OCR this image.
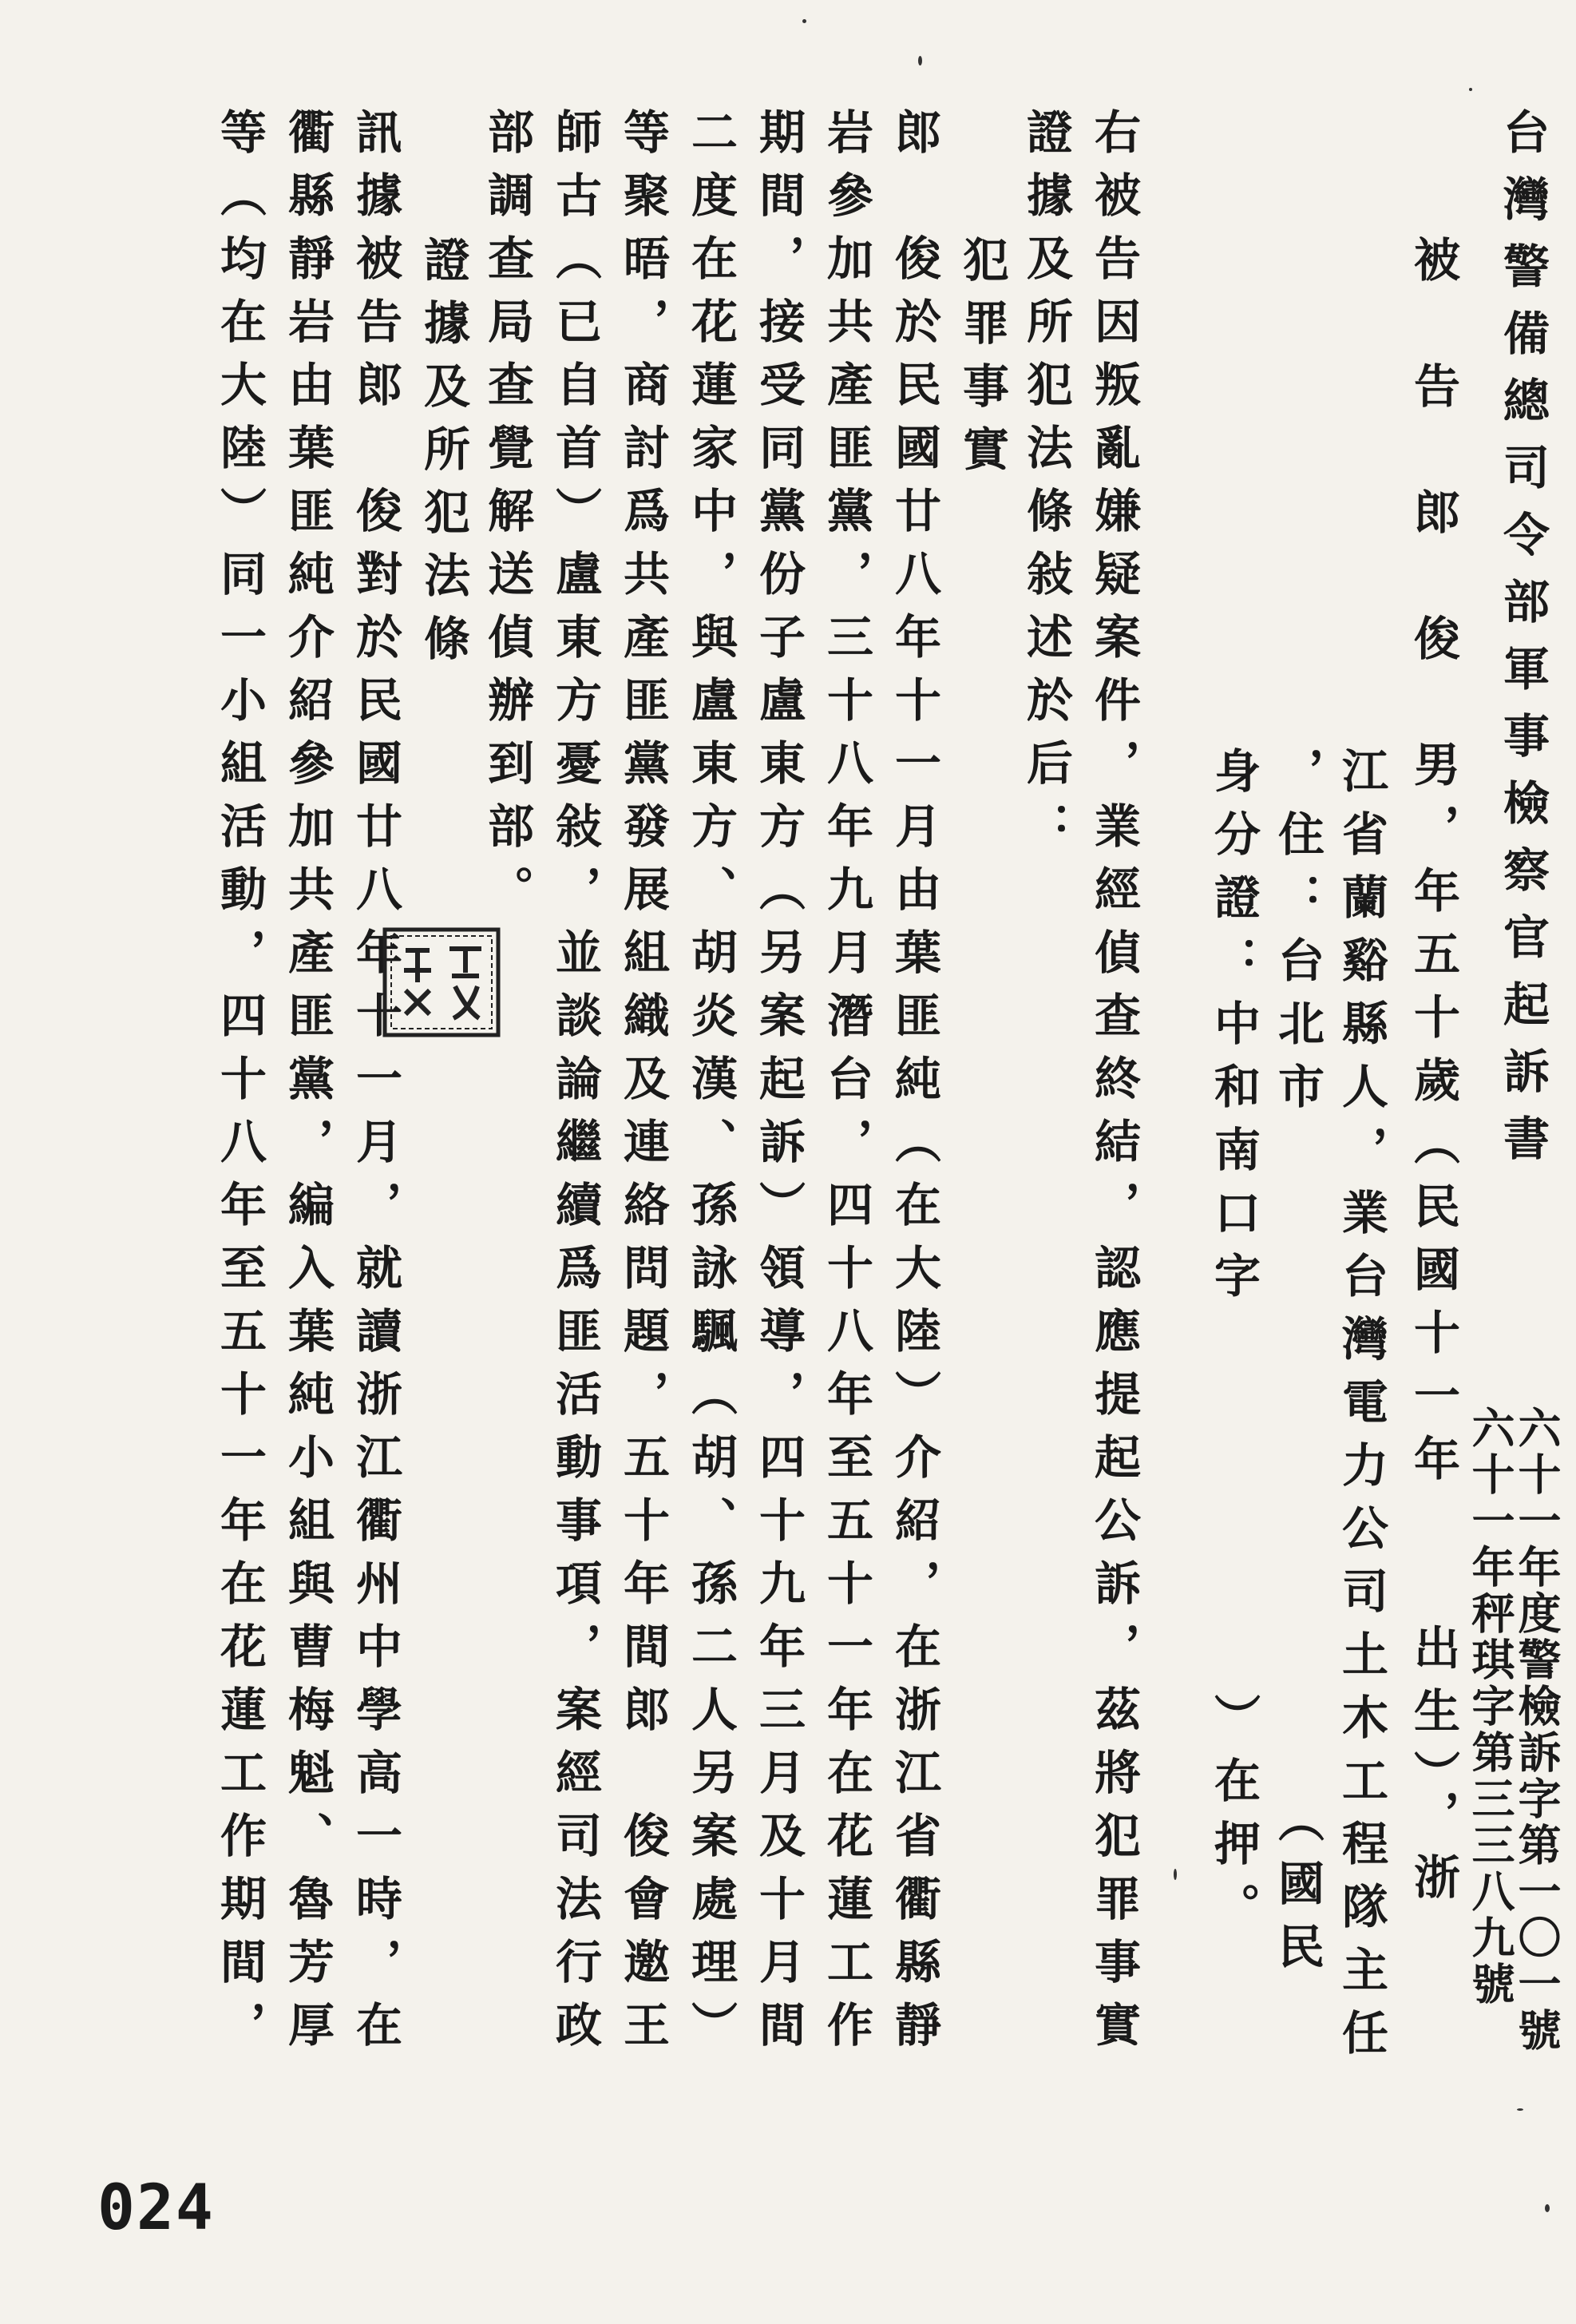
台灣警備總司令部軍事檢察官起訴書
六十一年度警檢訴字第一〇一號
六十一年秤琪字第三三八九號
被　告　郎　俊　男，年五十歲（民國十一年　　出生），浙
江省蘭谿縣人，業台灣電力公司土木工程隊主任
，住：台北市　　　　　　　　　　　（國民
身分證：中和南口字　　　　　　）在押。
右被告因叛亂嫌疑案件，業經偵查終結，認應提起公訴，茲將犯罪事實
證據及所犯法條敍述於后：
犯罪事實
郎　俊於民國廿八年十一月由葉匪純（在大陸）介紹，在浙江省衢縣靜
岩參加共產匪黨，三十八年九月潛台，四十八年至五十一年在花蓮工作
期間，接受同黨份子盧東方（另案起訴）領導，四十九年三月及十月間
二度在花蓮家中，與盧東方、胡炎漢、孫詠颿（胡、孫二人另案處理）
等聚晤，商討爲共產匪黨發展組織及連絡問題，五十年間郎　俊會邀王
師古（已自首）盧東方憂敍，並談論繼續爲匪活動事項，案經司法行政
部調查局查覺解送偵辦到部。
證據及所犯法條
訊據被告郎　俊對於民國廿八年十一月，就讀浙江衢州中學高一時，在
衢縣靜岩由葉匪純介紹參加共產匪黨，編入葉純小組與曹梅魁、魯芳厚
等（均在大陸）同一小組活動，四十八年至五十一年在花蓮工作期間，
024
